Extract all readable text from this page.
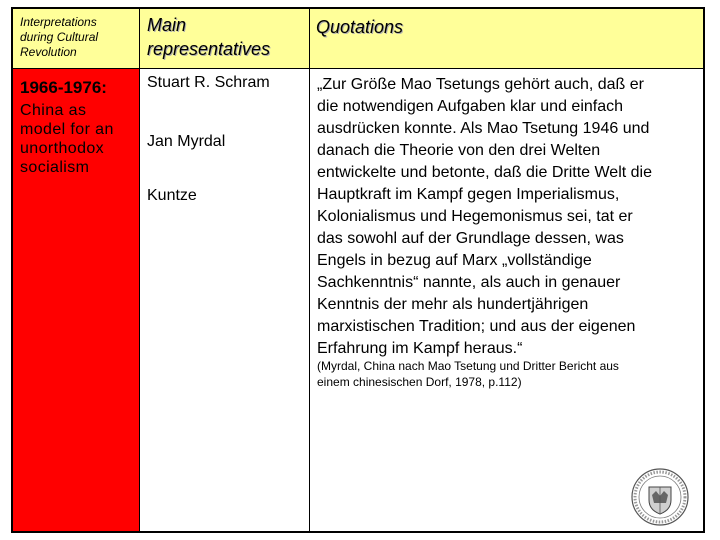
Interpretations
during Cultural
Revolution
Main
representatives
Quotations
1966-1976:
China as
model for an
unorthodox
socialism
Stuart R. Schram
Jan Myrdal
Kuntze
„Zur Größe Mao Tsetungs gehört auch, daß er
die notwendigen Aufgaben klar und einfach
ausdrücken konnte. Als Mao Tsetung 1946 und
danach die Theorie von den drei Welten
entwickelte und betonte, daß die Dritte Welt die
Hauptkraft im Kampf gegen Imperialismus,
Kolonialismus und Hegemonismus sei, tat er
das sowohl auf der Grundlage dessen, was
Engels in bezug auf Marx „vollständige
Sachkenntnis“ nannte, als auch in genauer
Kenntnis der mehr als hundertjährigen
marxistischen Tradition; und aus der eigenen
Erfahrung im Kampf heraus.“
(Myrdal, China nach Mao Tsetung und Dritter Bericht aus
einem chinesischen Dorf, 1978, p.112)
